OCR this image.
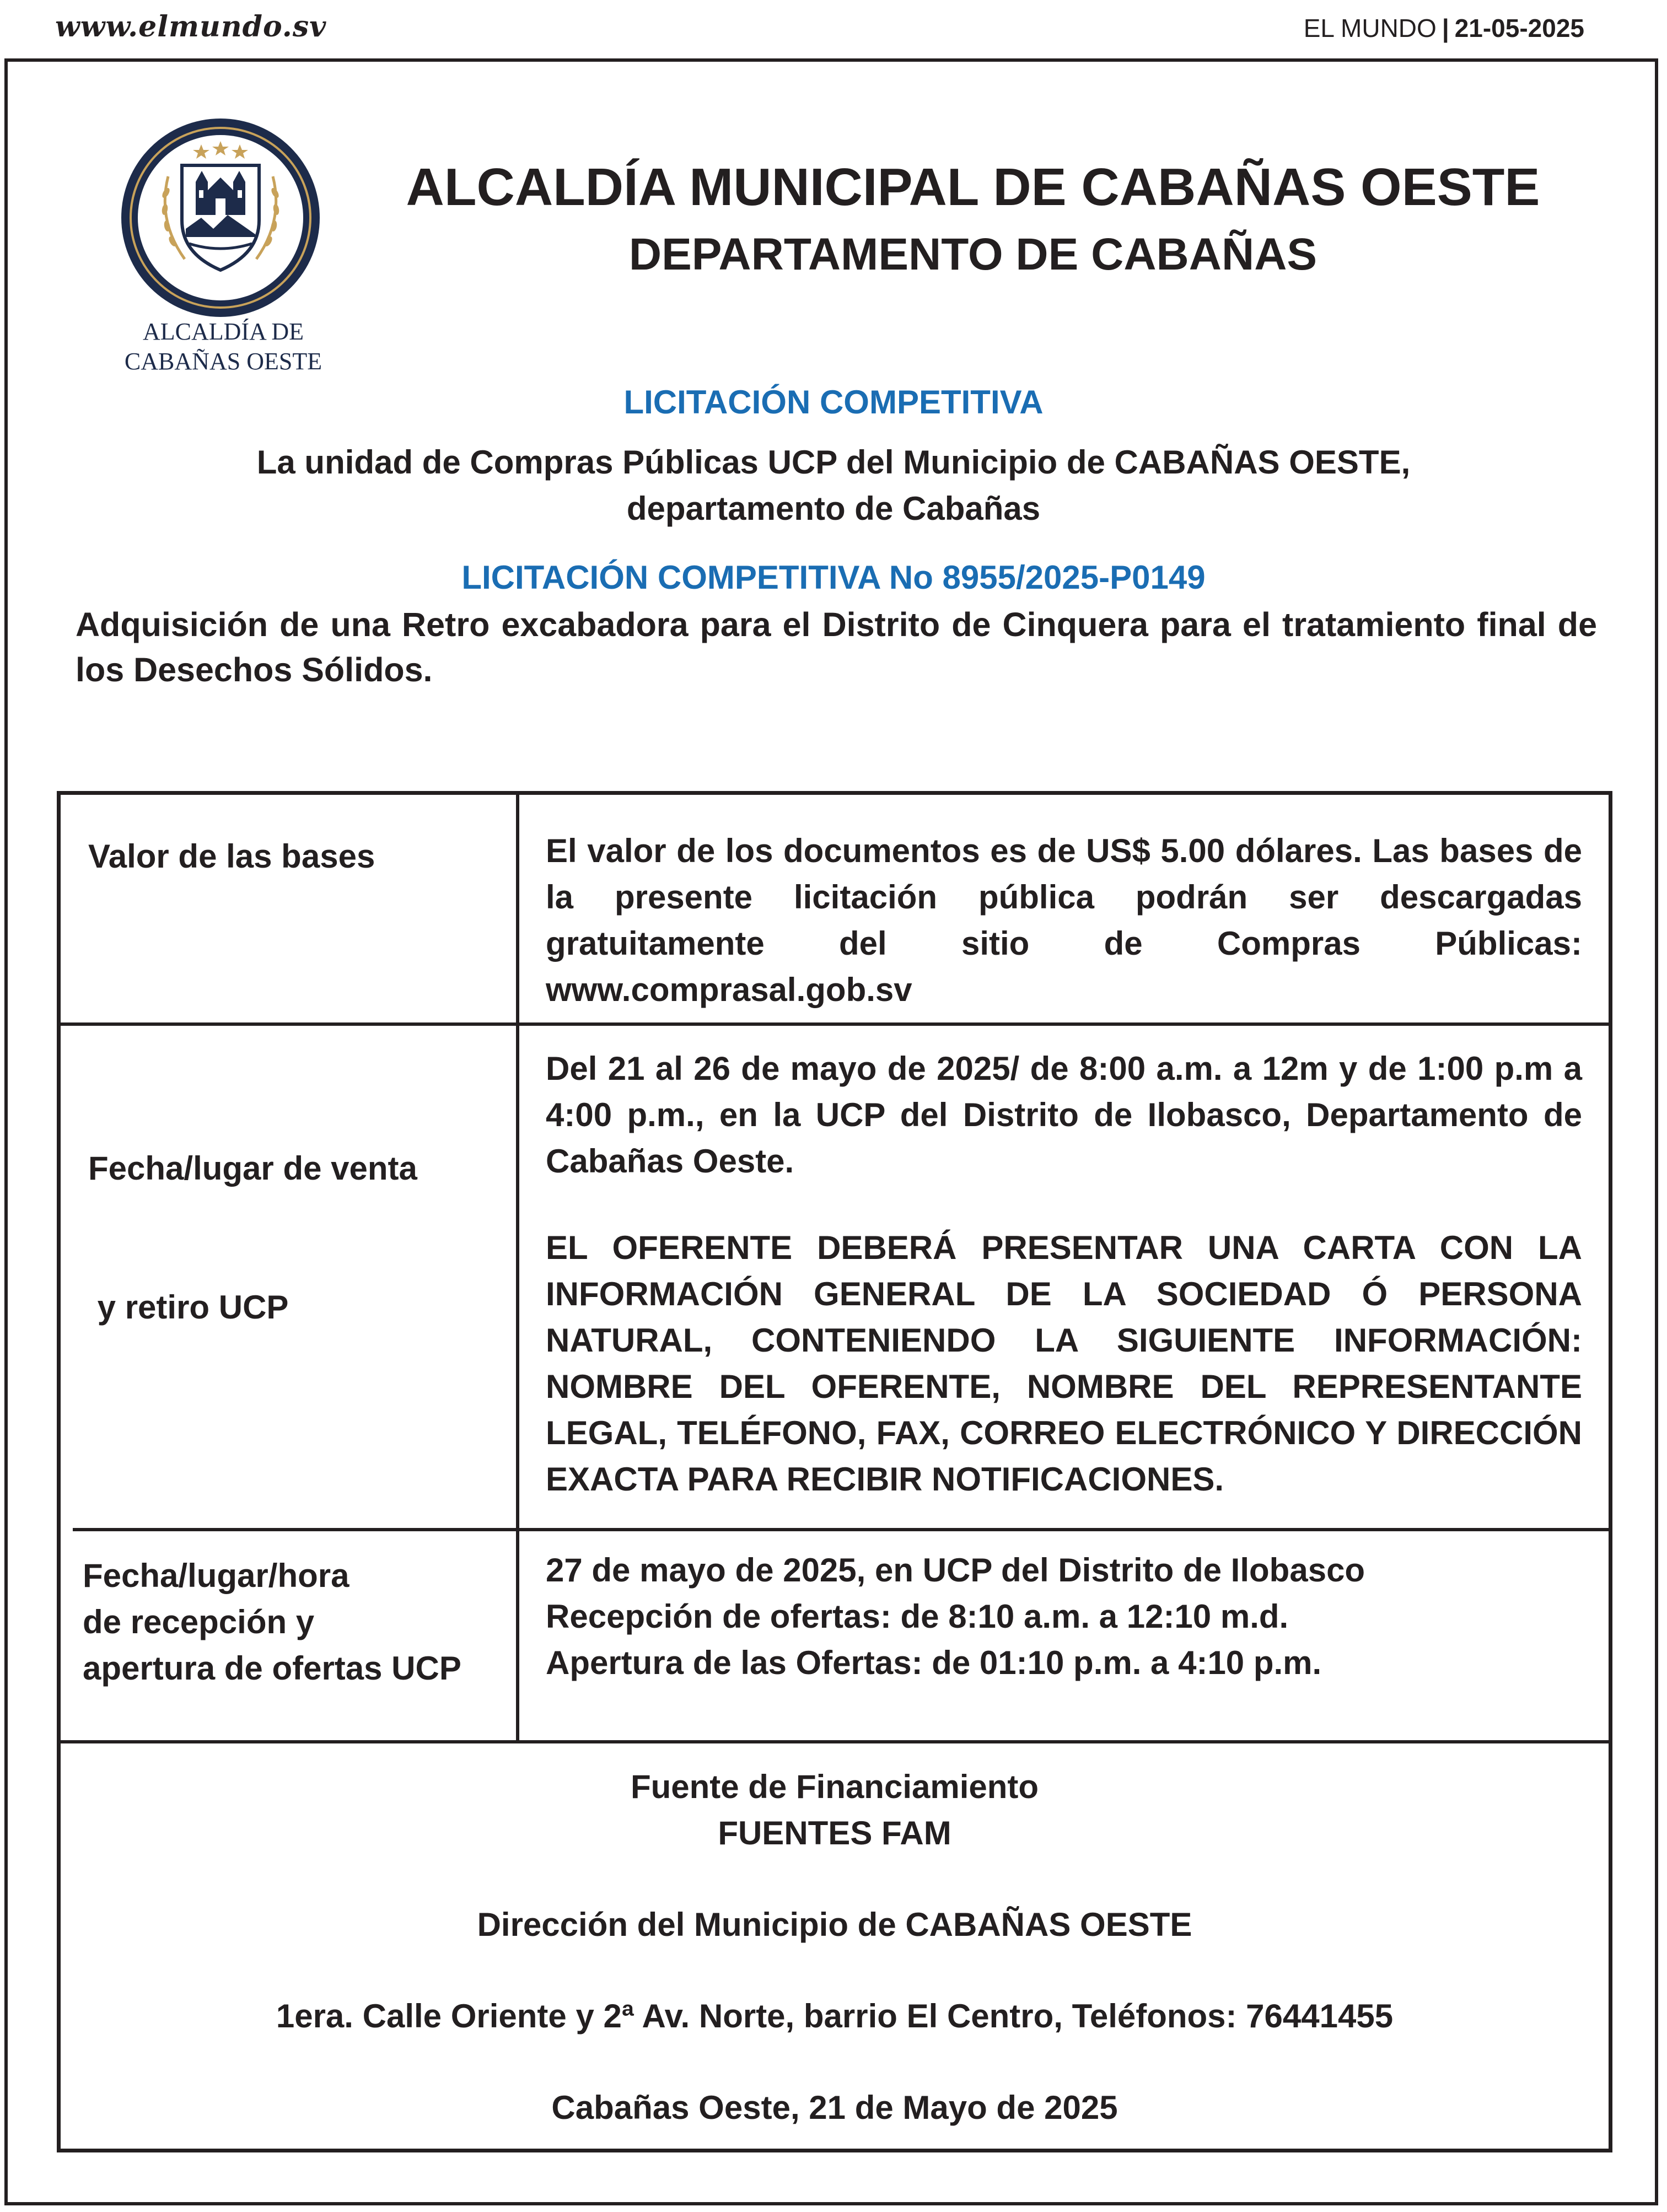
www.elmundo.sv	EL MUNDO | 21-05-2025
ALCALDÍA DE
CABAÑAS OESTE
ALCALDÍA MUNICIPAL DE CABAÑAS OESTE
DEPARTAMENTO DE CABAÑAS
LICITACIÓN COMPETITIVA
La unidad de Compras Públicas UCP del Municipio de CABAÑAS OESTE,
departamento de Cabañas
LICITACIÓN COMPETITIVA No 8955/2025-P0149
Adquisición de una Retro excabadora para el Distrito de Cinquera para el tratamiento final de los Desechos Sólidos.
Valor de las bases	El valor de los documentos es de US$ 5.00 dólares. Las bases de la presente licitación pública podrán ser descargadas gratuitamente del sitio de Compras Públicas: www.comprasal.gob.sv

Fecha/lugar de venta

y retiro UCP

Del 21 al 26 de mayo de 2025/ de 8:00 a.m. a 12m y de 1:00 p.m a 4:00 p.m., en la UCP del Distrito de Ilobasco, Departamento de Cabañas Oeste.
EL OFERENTE DEBERÁ PRESENTAR UNA CARTA CON LA INFORMACIÓN GENERAL DE LA SOCIEDAD Ó PERSONA NATURAL, CONTENIENDO LA SIGUIENTE INFORMACIÓN: NOMBRE DEL OFERENTE, NOMBRE DEL REPRESENTANTE LEGAL, TELÉFONO, FAX, CORREO ELECTRÓNICO Y DIRECCIÓN EXACTA PARA RECIBIR NOTIFICACIONES.
Fecha/lugar/hora
de recepción y
apertura de ofertas UCP
27 de mayo de 2025, en UCP del Distrito de Ilobasco
Recepción de ofertas: de 8:10 a.m. a 12:10 m.d.
Apertura de las Ofertas: de 01:10 p.m. a 4:10 p.m.
Fuente de Financiamiento
FUENTES FAM
Dirección del Municipio de CABAÑAS OESTE
1era. Calle Oriente y 2ª Av. Norte, barrio El Centro, Teléfonos: 76441455
Cabañas Oeste, 21 de Mayo de 2025
